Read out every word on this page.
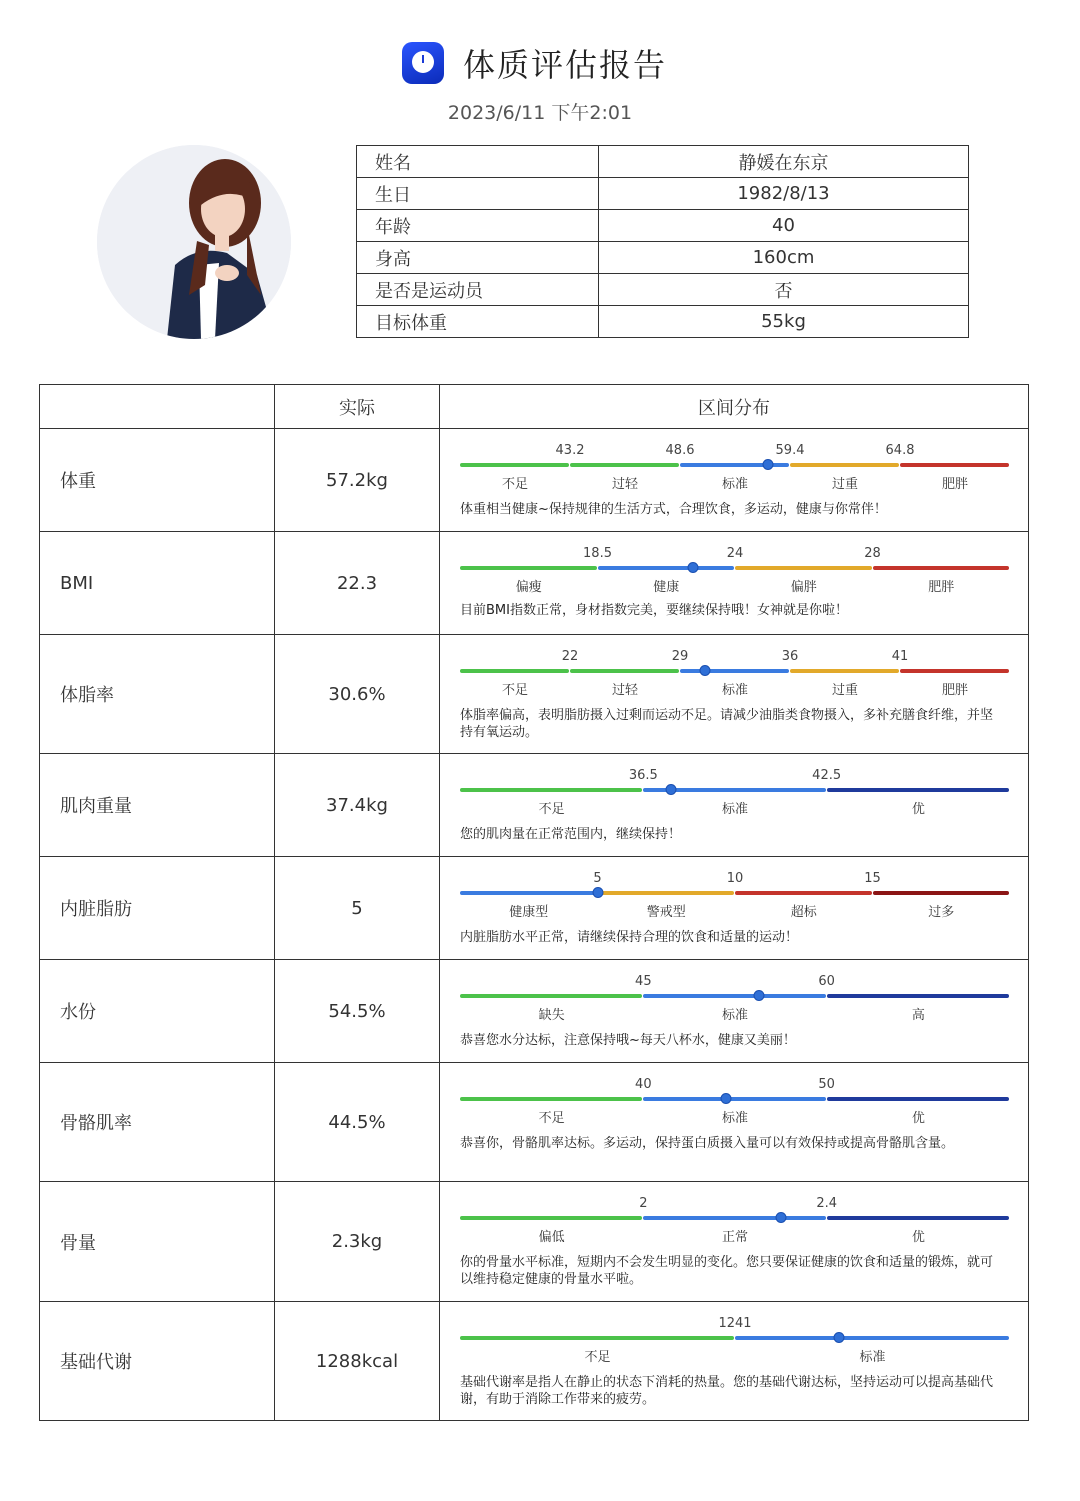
体质评估报告
2023/6/11 下午2:01
姓名	静媛在东京
生日	1982/8/13
年龄	40
身高	160cm
是否是运动员	否
目标体重	55kg
实际	区间分布
体重	57.2kg	不足	过轻	标准	过重	肥胖
43.2	48.6	59.4	64.8
体重相当健康~保持规律的生活方式，合理饮食，多运动，健康与你常伴！
BMI	22.3	偏瘦	健康	偏胖	肥胖
18.5	24	28
目前BMI指数正常，身材指数完美，要继续保持哦！女神就是你啦！
体脂率	30.6%	不足	过轻	标准	过重	肥胖
22	29	36	41
体脂率偏高，表明脂肪摄入过剩而运动不足。请减少油脂类食物摄入，多补充膳食纤维，并坚持有氧运动。
肌肉重量	37.4kg	不足	标准	优
36.5	42.5
您的肌肉量在正常范围内，继续保持！
内脏脂肪	5	健康型	警戒型	超标	过多
5	10	15
内脏脂肪水平正常，请继续保持合理的饮食和适量的运动！
水份	54.5%	缺失	标准	高
45	60
恭喜您水分达标，注意保持哦~每天八杯水，健康又美丽！
骨骼肌率	44.5%	不足	标准	优
40	50
恭喜你，骨骼肌率达标。多运动，保持蛋白质摄入量可以有效保持或提高骨骼肌含量。
骨量	2.3kg	偏低	正常	优
2	2.4
你的骨量水平标准，短期内不会发生明显的变化。您只要保证健康的饮食和适量的锻炼，就可以维持稳定健康的骨量水平啦。
基础代谢	1288kcal	不足	标准
1241
基础代谢率是指人在静止的状态下消耗的热量。您的基础代谢达标，坚持运动可以提高基础代谢，有助于消除工作带来的疲劳。
